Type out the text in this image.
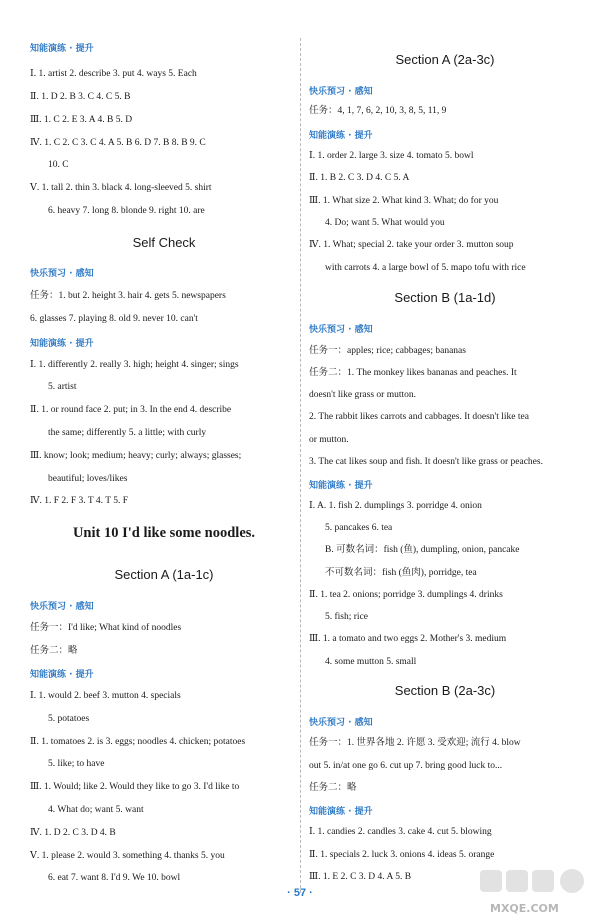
知能演练 · 提升
Ⅰ. 1. artist 2. describe 3. put 4. ways 5. Each
Ⅱ. 1. D 2. B 3. C 4. C 5. B
Ⅲ. 1. C 2. E 3. A 4. B 5. D
Ⅳ. 1. C 2. C 3. C 4. A 5. B 6. D 7. B 8. B 9. C
10. C
Ⅴ. 1. tall 2. thin 3. black 4. long-sleeved 5. shirt
6. heavy 7. long 8. blonde 9. right 10. are
Self Check
快乐预习 · 感知
任务：1. but 2. height 3. hair 4. gets 5. newspapers
6. glasses 7. playing 8. old 9. never 10. can't
知能演练 · 提升
Ⅰ. 1. differently 2. really 3. high; height 4. singer; sings
5. artist
Ⅱ. 1. or round face 2. put; in 3. In the end 4. describe
the same; differently 5. a little; with curly
Ⅲ. know; look; medium; heavy; curly; always; glasses;
beautiful; loves/likes
Ⅳ. 1. F 2. F 3. T 4. T 5. F
Unit 10 I'd like some noodles.
Section A (1a-1c)
快乐预习 · 感知
任务一：I'd like; What kind of noodles
任务二：略
知能演练 · 提升
Ⅰ. 1. would 2. beef 3. mutton 4. specials
5. potatoes
Ⅱ. 1. tomatoes 2. is 3. eggs; noodles 4. chicken; potatoes
5. like; to have
Ⅲ. 1. Would; like 2. Would they like to go 3. I'd like to
4. What do; want 5. want
Ⅳ. 1. D 2. C 3. D 4. B
Ⅴ. 1. please 2. would 3. something 4. thanks 5. you
6. eat 7. want 8. I'd 9. We 10. bowl
Section A (2a-3c)
快乐预习 · 感知
任务：4, 1, 7, 6, 2, 10, 3, 8, 5, 11, 9
知能演练 · 提升
Ⅰ. 1. order 2. large 3. size 4. tomato 5. bowl
Ⅱ. 1. B 2. C 3. D 4. C 5. A
Ⅲ. 1. What size 2. What kind 3. What; do for you
4. Do; want 5. What would you
Ⅳ. 1. What; special 2. take your order 3. mutton soup
with carrots 4. a large bowl of 5. mapo tofu with rice
Section B (1a-1d)
快乐预习 · 感知
任务一：apples; rice; cabbages; bananas
任务二：1. The monkey likes bananas and peaches. It
doesn't like grass or mutton.
2. The rabbit likes carrots and cabbages. It doesn't like tea
or mutton.
3. The cat likes soup and fish. It doesn't like grass or peaches.
知能演练 · 提升
Ⅰ. A. 1. fish 2. dumplings 3. porridge 4. onion
5. pancakes 6. tea
B. 可数名词：fish (鱼), dumpling, onion, pancake
不可数名词：fish (鱼肉), porridge, tea
Ⅱ. 1. tea 2. onions; porridge 3. dumplings 4. drinks
5. fish; rice
Ⅲ. 1. a tomato and two eggs 2. Mother's 3. medium
4. some mutton 5. small
Section B (2a-3c)
快乐预习 · 感知
任务一：1. 世界各地 2. 许愿 3. 受欢迎; 流行 4. blow
out 5. in/at one go 6. cut up 7. bring good luck to...
任务二：略
知能演练 · 提升
Ⅰ. 1. candies 2. candles 3. cake 4. cut 5. blowing
Ⅱ. 1. specials 2. luck 3. onions 4. ideas 5. orange
Ⅲ. 1. E 2. C 3. D 4. A 5. B
MXQE.COM
· 57 ·
